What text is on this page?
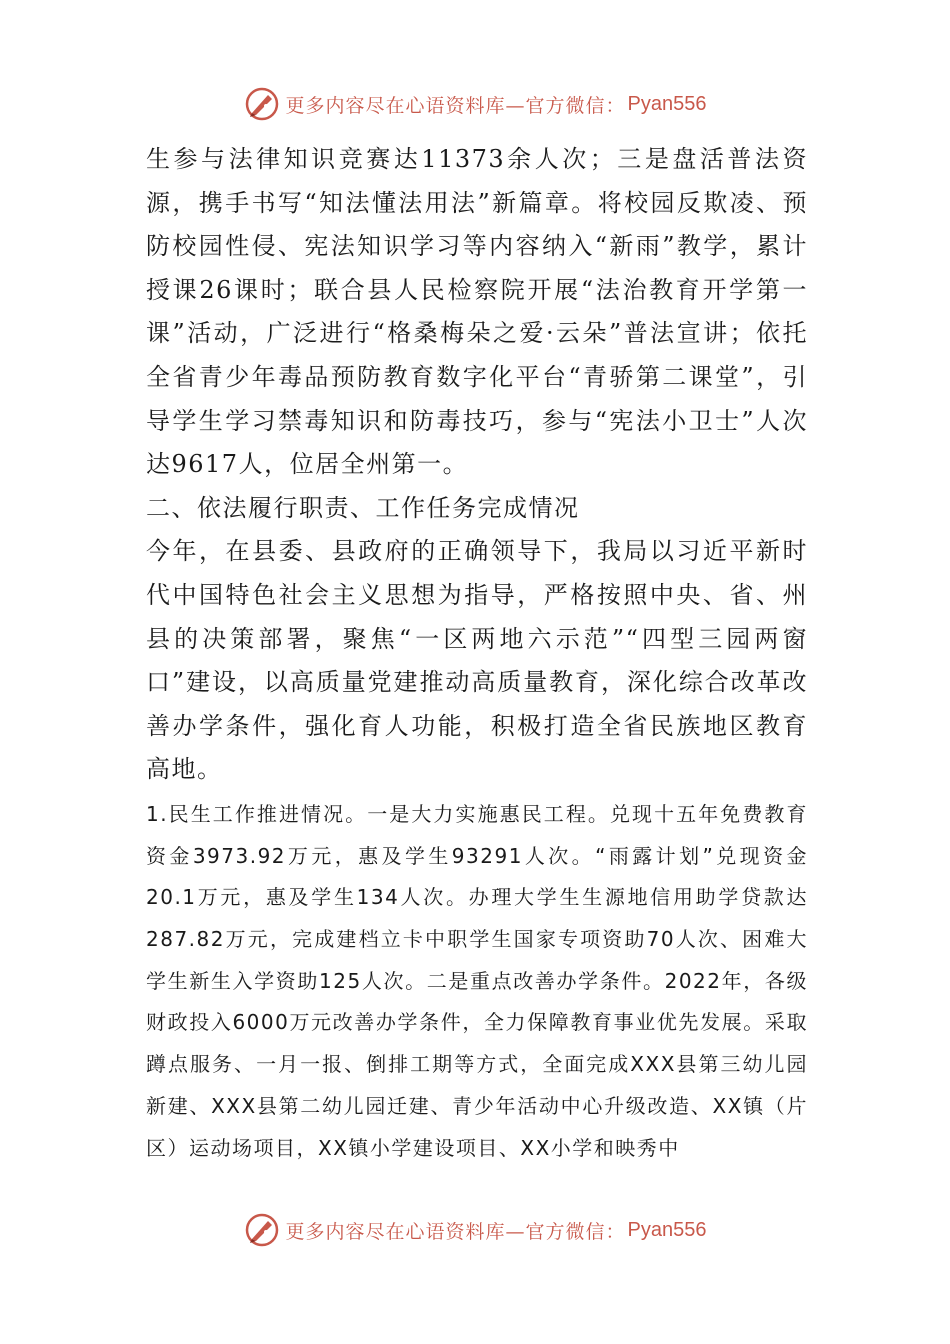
更多内容尽在心语资料库—官方微信： Pyan556

生参与法律知识竞赛达11373余人次；三是盘活普法资源，携手书写“知法懂法用法”新篇章。将校园反欺凌、预防校园性侵、宪法知识学习等内容纳入“新雨”教学，累计授课26课时；联合县人民检察院开展“法治教育开学第一课”活动，广泛进行“格桑梅朵之爱·云朵”普法宣讲；依托全省青少年毒品预防教育数字化平台“青骄第二课堂”，引导学生学习禁毒知识和防毒技巧，参与“宪法小卫士”人次达9617人，位居全州第一。

二、依法履行职责、工作任务完成情况

今年，在县委、县政府的正确领导下，我局以习近平新时代中国特色社会主义思想为指导，严格按照中央、省、州县的决策部署，聚焦“一区两地六示范”“四型三园两窗口”建设，以高质量党建推动高质量教育，深化综合改革改善办学条件，强化育人功能，积极打造全省民族地区教育高地。

1.民生工作推进情况。一是大力实施惠民工程。兑现十五年免费教育资金3973.92万元，惠及学生93291人次。“雨露计划”兑现资金20.1万元，惠及学生134人次。办理大学生生源地信用助学贷款达287.82万元，完成建档立卡中职学生国家专项资助70人次、困难大学生新生入学资助125人次。二是重点改善办学条件。2022年，各级财政投入6000万元改善办学条件，全力保障教育事业优先发展。采取蹲点服务、一月一报、倒排工期等方式，全面完成XXX县第三幼儿园新建、XXX县第二幼儿园迁建、青少年活动中心升级改造、XX镇（片区）运动场项目，XX镇小学建设项目、XX小学和映秀中

更多内容尽在心语资料库—官方微信： Pyan556
